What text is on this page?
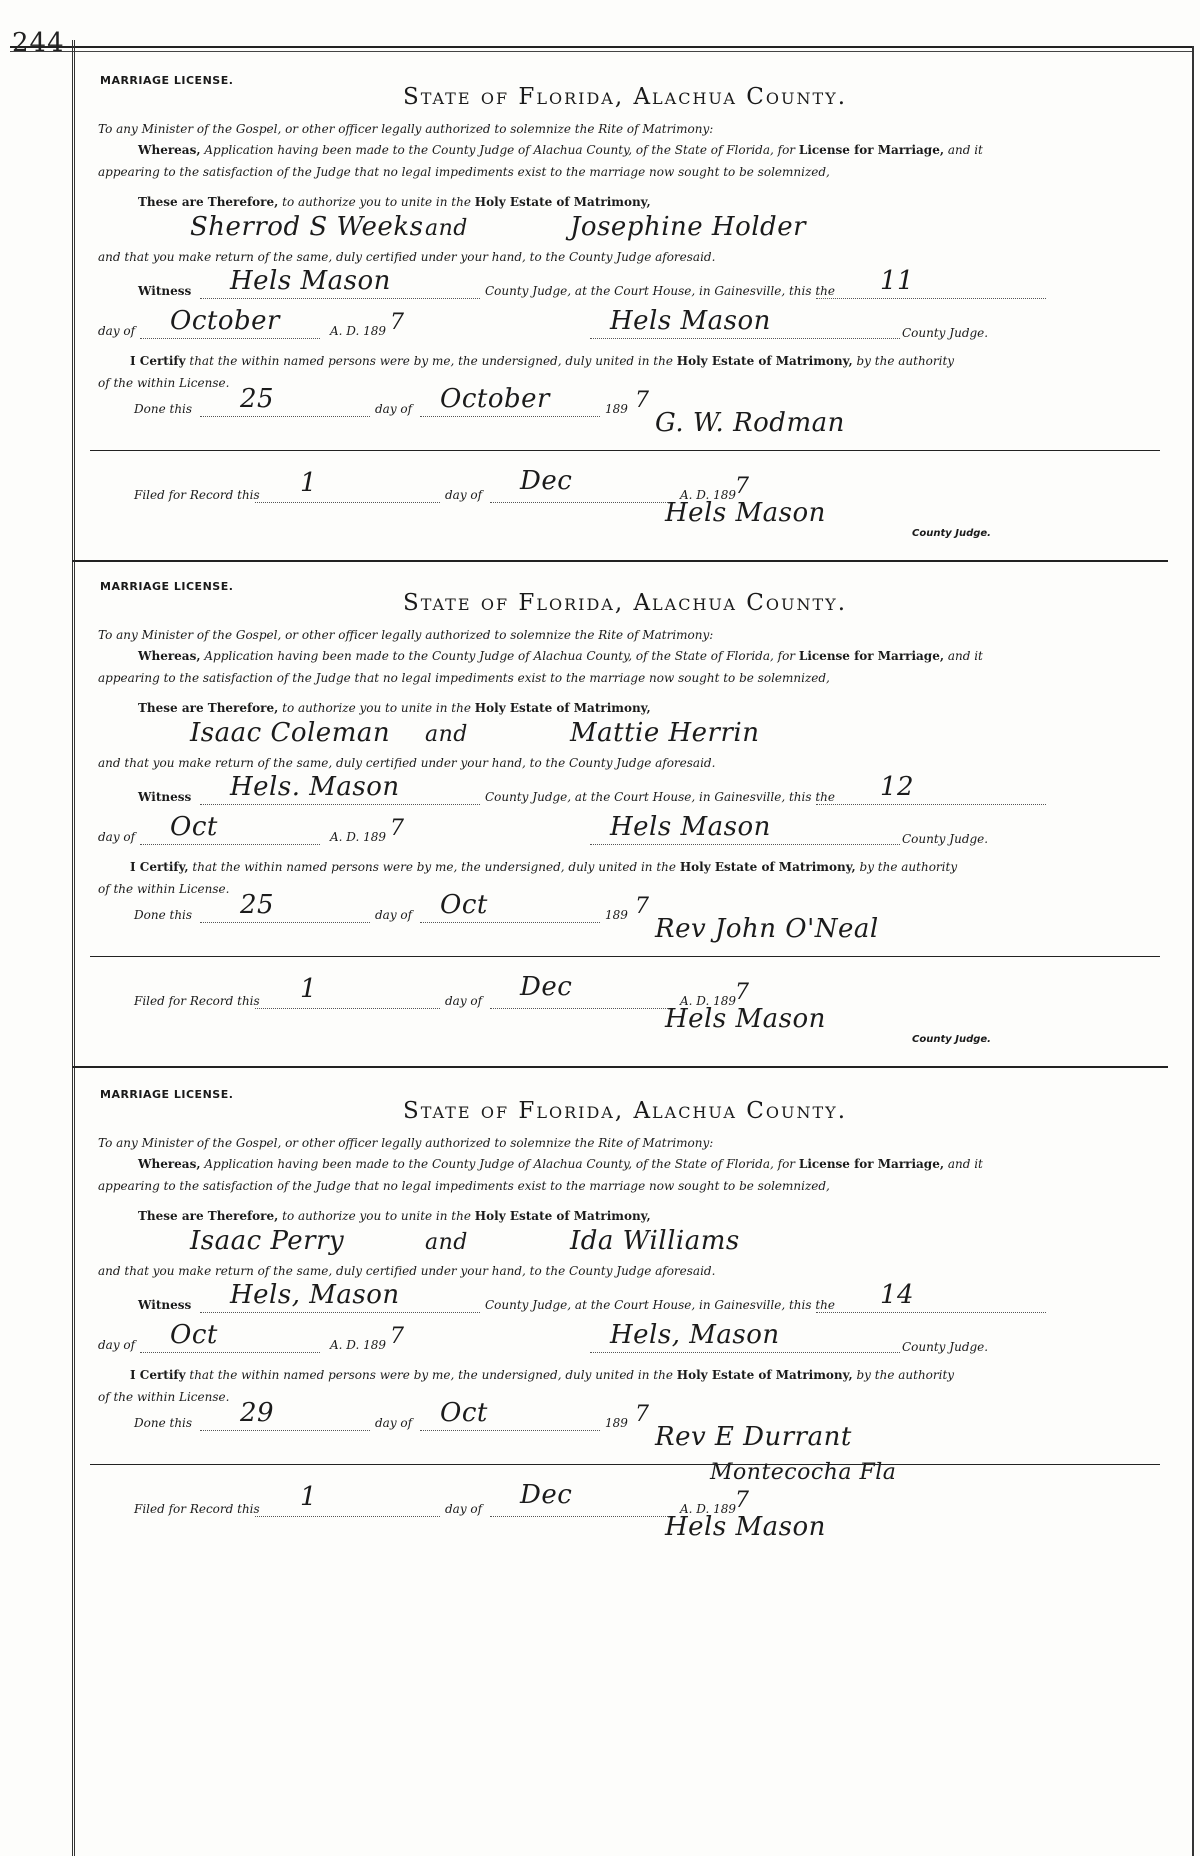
244
MARRIAGE LICENSE.
State of Florida, Alachua County.
To any Minister of the Gospel, or other officer legally authorized to solemnize the Rite of Matrimony:
Whereas, Application having been made to the County Judge of Alachua County, of the State of Florida, for License for Marriage, and it
appearing to the satisfaction of the Judge that no legal impediments exist to the marriage now sought to be solemnized,
These are Therefore, to authorize you to unite in the Holy Estate of Matrimony,
Sherrod S Weeks and	Josephine Holder
and that you make return of the same, duly certified under your hand, to the County Judge aforesaid.
Witness Hels Mason	County Judge, at the Court House, in Gainesville, this the 11
day of October	A. D. 189 7	Hels Mason	County Judge.
I Certify that the within named persons were by me, the undersigned, duly united in the Holy Estate of Matrimony, by the authority
of the within License.
Done this 25	day of October	189 7
G. W. Rodman
Filed for Record this 1	day of Dec	A. D. 189
7
Hels Mason
County Judge.
MARRIAGE LICENSE.
State of Florida, Alachua County.
To any Minister of the Gospel, or other officer legally authorized to solemnize the Rite of Matrimony:
Whereas, Application having been made to the County Judge of Alachua County, of the State of Florida, for License for Marriage, and it
appearing to the satisfaction of the Judge that no legal impediments exist to the marriage now sought to be solemnized,
These are Therefore, to authorize you to unite in the Holy Estate of Matrimony,
Isaac Coleman and	Mattie Herrin
and that you make return of the same, duly certified under your hand, to the County Judge aforesaid.
Witness Hels. Mason	County Judge, at the Court House, in Gainesville, this the 12
day of Oct	A. D. 189 7	Hels Mason	County Judge.
I Certify, that the within named persons were by me, the undersigned, duly united in the Holy Estate of Matrimony, by the authority
of the within License.
Done this 25	day of Oct	189 7
Rev John O'Neal
Filed for Record this 1	day of Dec	A. D. 189
7
Hels Mason
County Judge.
MARRIAGE LICENSE.
State of Florida, Alachua County.
To any Minister of the Gospel, or other officer legally authorized to solemnize the Rite of Matrimony:
Whereas, Application having been made to the County Judge of Alachua County, of the State of Florida, for License for Marriage, and it
appearing to the satisfaction of the Judge that no legal impediments exist to the marriage now sought to be solemnized,
These are Therefore, to authorize you to unite in the Holy Estate of Matrimony,
Isaac Perry	and	Ida Williams
and that you make return of the same, duly certified under your hand, to the County Judge aforesaid.
Witness Hels, Mason	County Judge, at the Court House, in Gainesville, this the 14
day of Oct	A. D. 189 7	Hels, Mason	County Judge.
I Certify that the within named persons were by me, the undersigned, duly united in the Holy Estate of Matrimony, by the authority
of the within License.
Done this 29	day of Oct	189 7
Rev E Durrant
Montecocha Fla
Filed for Record this 1	day of Dec	A. D. 189
7
Hels Mason
